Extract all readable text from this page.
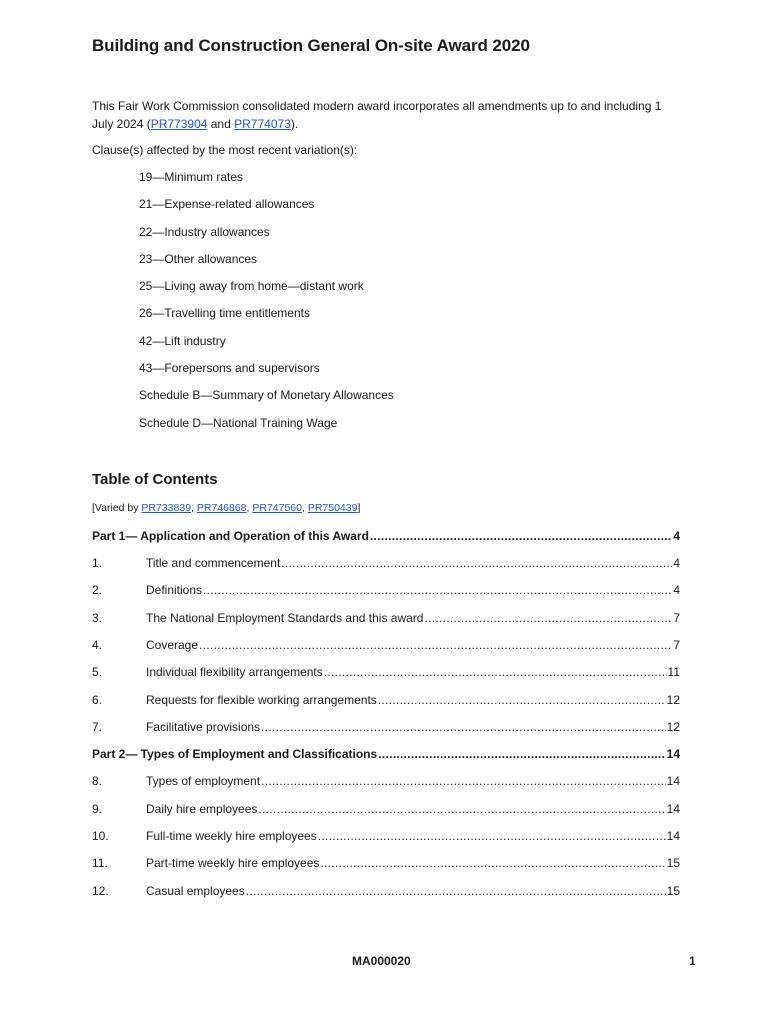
Building and Construction General On-site Award 2020

This Fair Work Commission consolidated modern award incorporates all amendments up to and including 1 July 2024 (PR773904 and PR774073).

Clause(s) affected by the most recent variation(s):

19—Minimum rates

21—Expense-related allowances

22—Industry allowances

23—Other allowances

25—Living away from home—distant work

26—Travelling time entitlements

42—Lift industry

43—Forepersons and supervisors

Schedule B—Summary of Monetary Allowances

Schedule D—National Training Wage

Table of Contents

[Varied by PR733839, PR746868, PR747560, PR750439]

Part 1— Application and Operation of this Award .....	4
1.	Title and commencement .....	4
2.	Definitions .....	4
3.	The National Employment Standards and this award .....	7
4.	Coverage .....	7
5.	Individual flexibility arrangements .....	11
6.	Requests for flexible working arrangements .....	12
7.	Facilitative provisions .....	12
Part 2— Types of Employment and Classifications .....	14
8.	Types of employment .....	14
9.	Daily hire employees .....	14
10.	Full-time weekly hire employees .....	14
11.	Part-time weekly hire employees .....	15
12.	Casual employees .....	15

MA000020	1
